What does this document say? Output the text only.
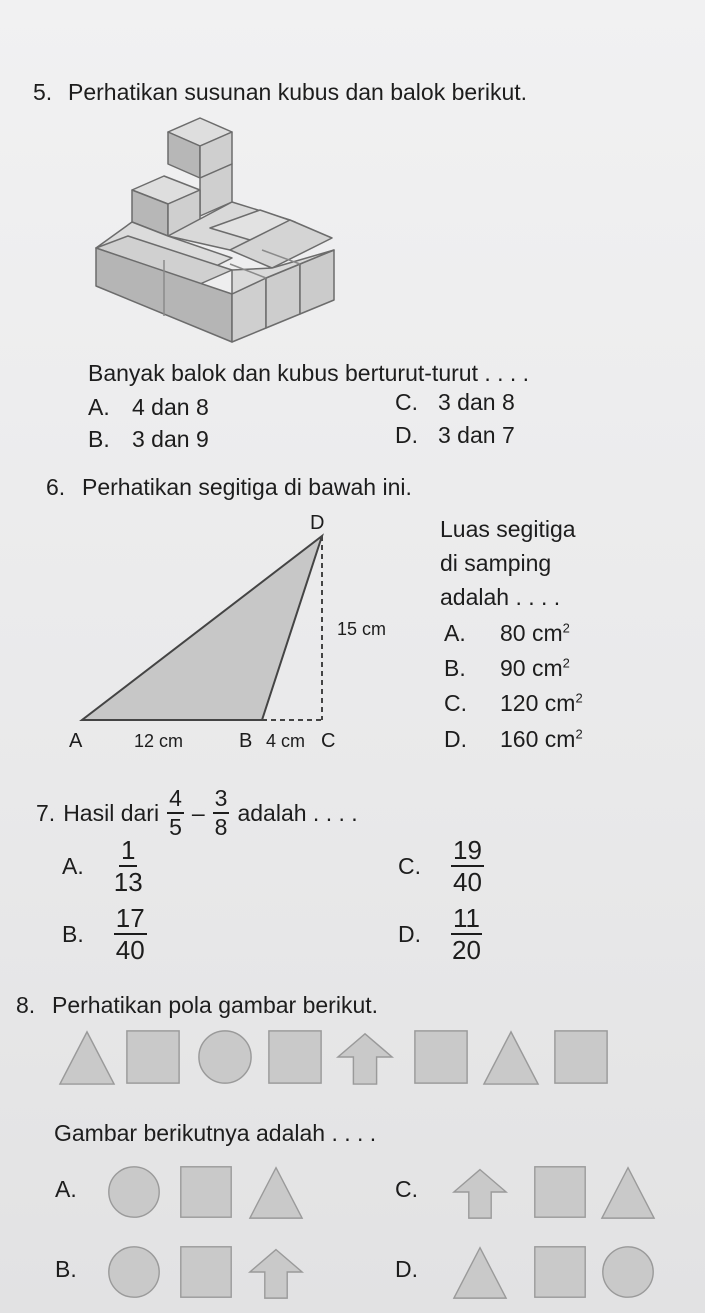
5. Perhatikan susunan kubus dan balok berikut.
Banyak balok dan kubus berturut-turut . . . .
A. 4 dan 8
B. 3 dan 9
C. 3 dan 8
D. 3 dan 7
6. Perhatikan segitiga di bawah ini.
D
15 cm
A	12 cm	B 4 cm C
Luas segitiga
di samping
adalah . . . .
A. 80 $cm^2$
B. 90 $cm^2$
C. 120 $cm^2$
D. 160 $cm^2$
7. Hasil dari $\frac{4}{5} - \frac{3}{8}$ adalah . . . .
A. $\frac{1}{13}$
B. $\frac{17}{40}$
C. $\frac{19}{40}$
D. $\frac{11}{20}$
8. Perhatikan pola gambar berikut.
Gambar berikutnya adalah . . . .
A.
B.
C.
D.
